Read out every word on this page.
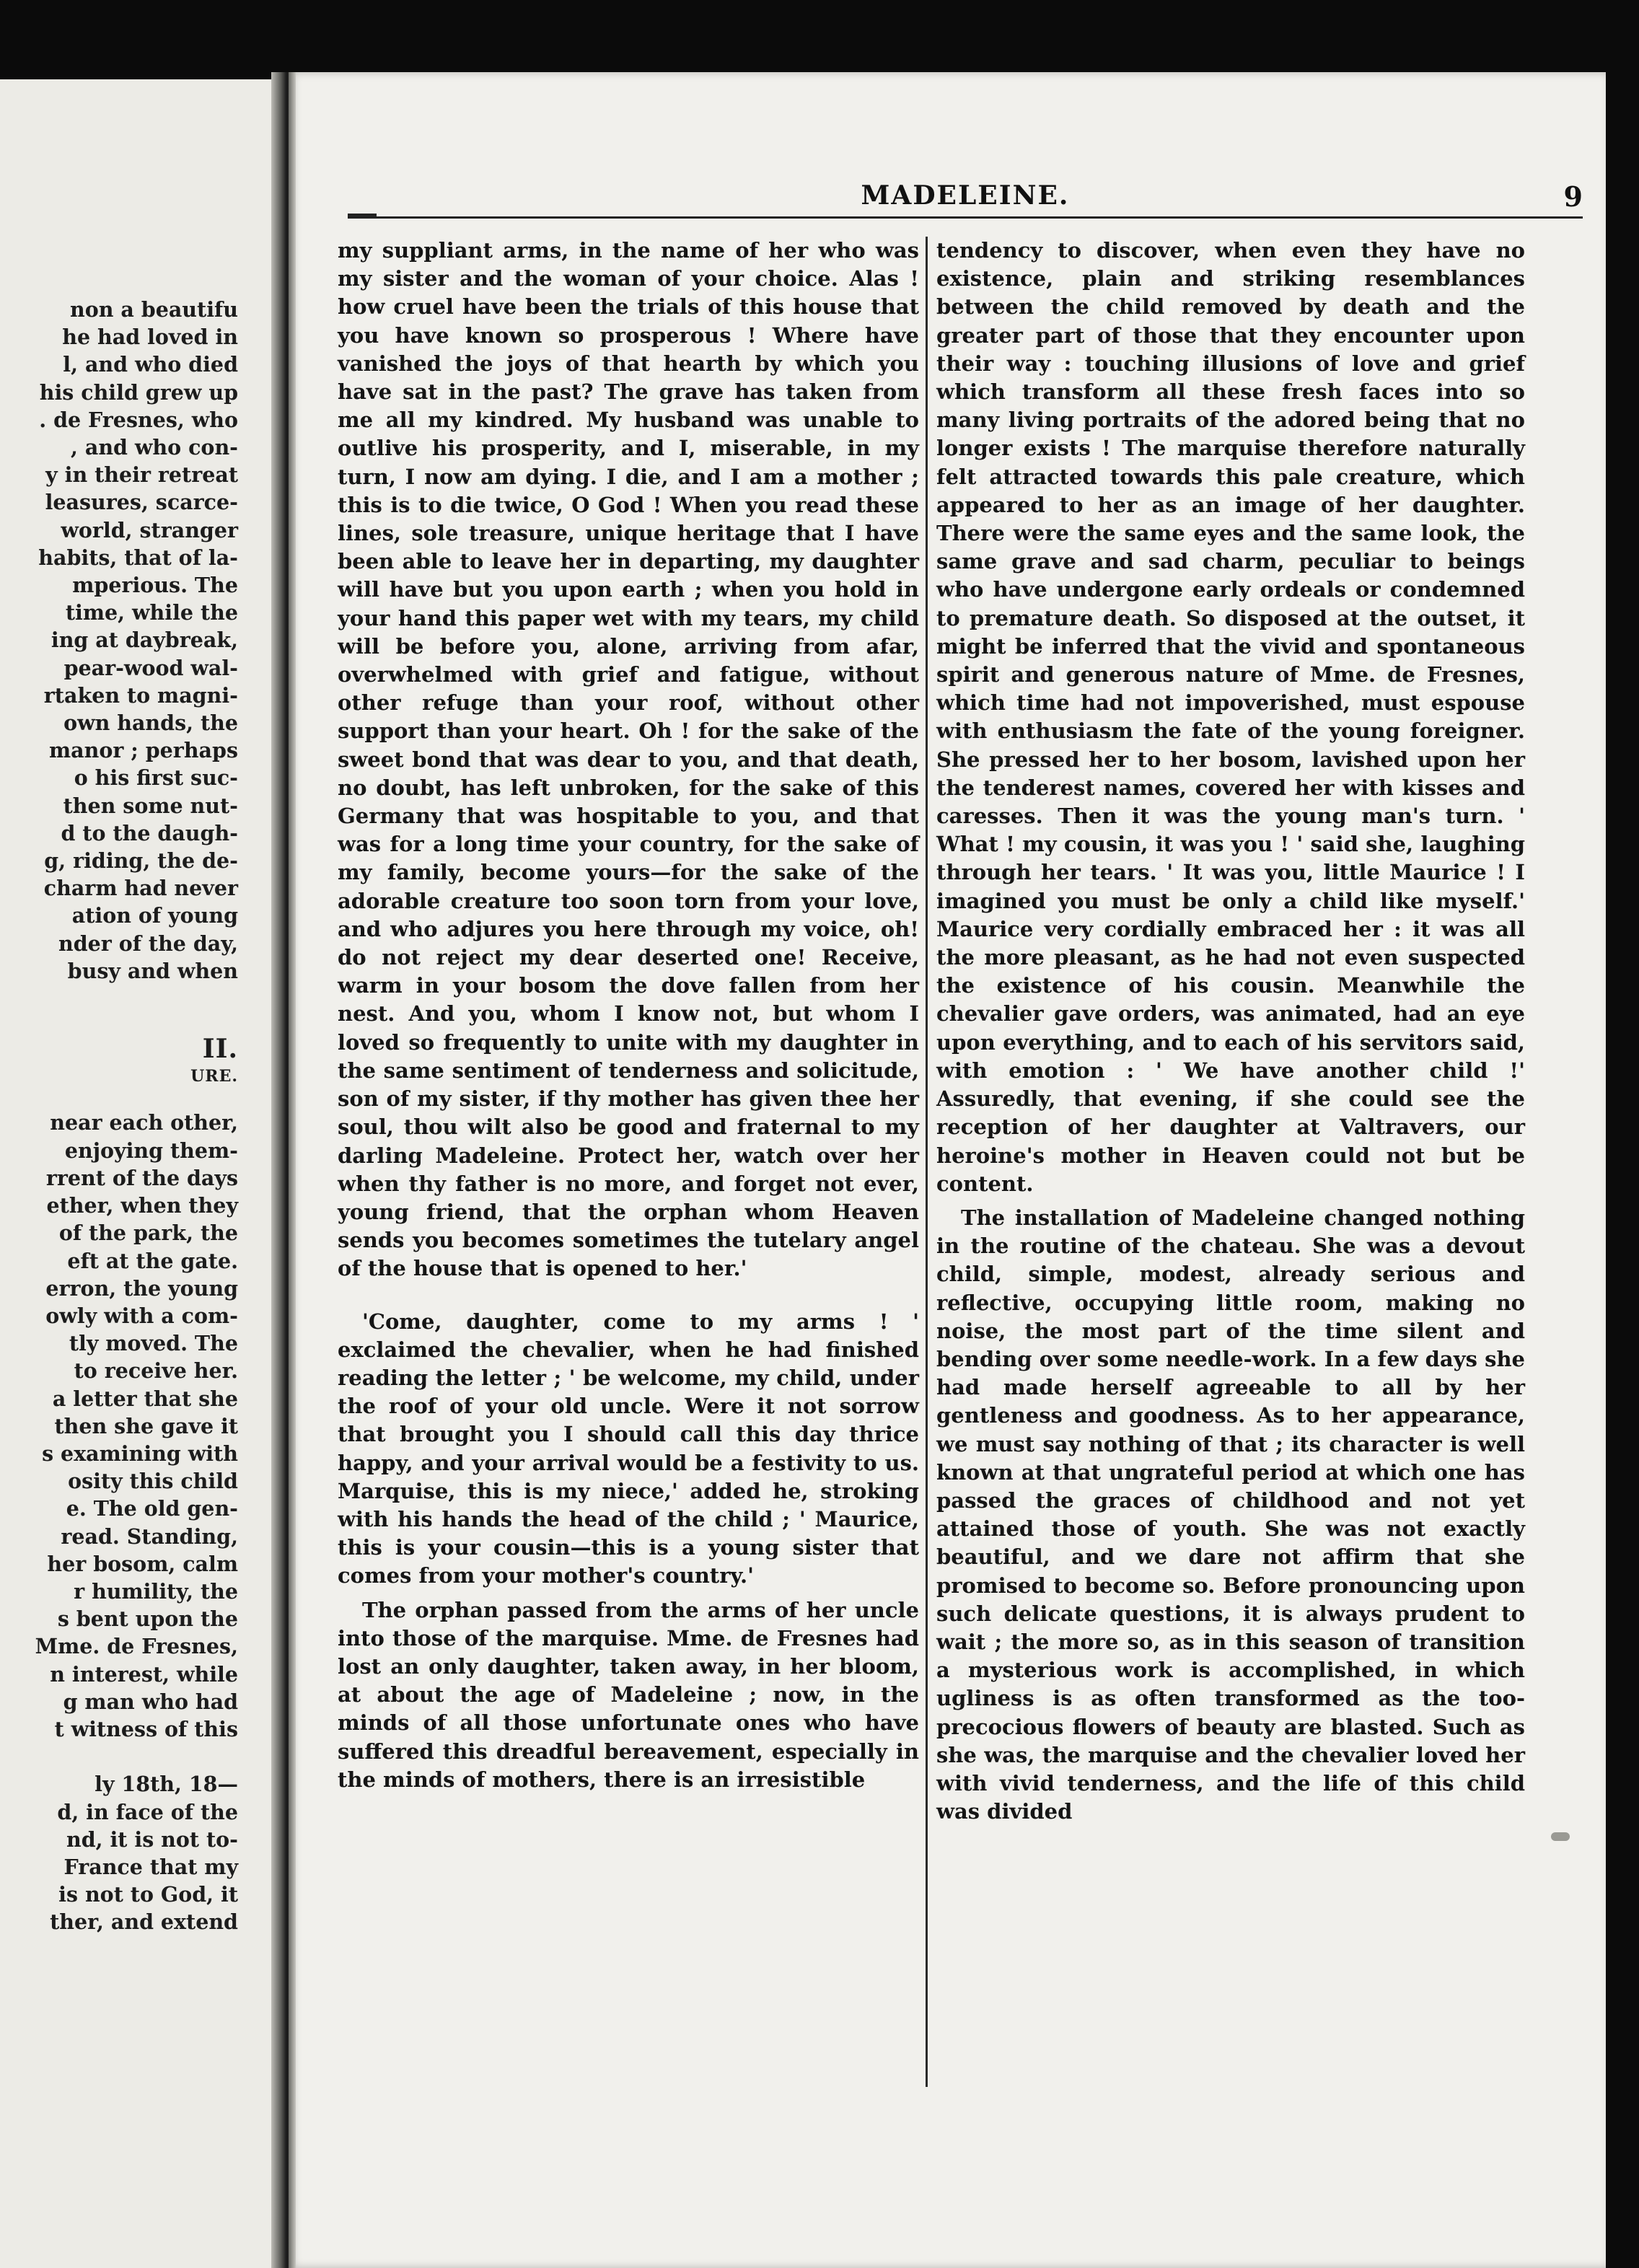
non a beautifu
he had loved in
l, and who died
his child grew up
. de Fresnes, who
, and who con-
y in their retreat
leasures, scarce-
world, stranger
habits, that of la-
mperious. The
time, while the
ing at daybreak,
pear-wood wal-
rtaken to magni-
own hands, the
manor ; perhaps
o his first suc-
then some nut-
d to the daugh-
g, riding, the de-
charm had never
ation of young
nder of the day,
busy and when
II.
URE.
near each other,
enjoying them-
rrent of the days
ether, when they
of the park, the
eft at the gate.
erron, the young
owly with a com-
tly moved. The
to receive her.
a letter that she
then she gave it
s examining with
osity this child
e. The old gen-
read. Standing,
her bosom, calm
r humility, the
s bent upon the
Mme. de Fresnes,
n interest, while
g man who had
t witness of this

ly 18th, 18—
d, in face of the
nd, it is not to-
France that my
is not to God, it
ther, and extend
MADELEINE.	9

my suppliant arms, in the name of her who was my sister and the woman of your choice. Alas ! how cruel have been the trials of this house that you have known so prosperous ! Where have vanished the joys of that hearth by which you have sat in the past? The grave has taken from me all my kindred. My husband was unable to outlive his prosperity, and I, miserable, in my turn, I now am dying. I die, and I am a mother ; this is to die twice, O God ! When you read these lines, sole treasure, unique heritage that I have been able to leave her in departing, my daughter will have but you upon earth ; when you hold in your hand this paper wet with my tears, my child will be before you, alone, arriving from afar, overwhelmed with grief and fatigue, without other refuge than your roof, without other support than your heart. Oh ! for the sake of the sweet bond that was dear to you, and that death, no doubt, has left unbroken, for the sake of this Germany that was hospitable to you, and that was for a long time your country, for the sake of my family, become yours—for the sake of the adorable creature too soon torn from your love, and who adjures you here through my voice, oh! do not reject my dear deserted one! Receive, warm in your bosom the dove fallen from her nest. And you, whom I know not, but whom I loved so frequently to unite with my daughter in the same sentiment of tenderness and solicitude, son of my sister, if thy mother has given thee her soul, thou wilt also be good and fraternal to my darling Madeleine. Protect her, watch over her when thy father is no more, and forget not ever, young friend, that the orphan whom Heaven sends you becomes sometimes the tutelary angel of the house that is opened to her.'

'Come, daughter, come to my arms ! ' exclaimed the chevalier, when he had finished reading the letter ; ' be welcome, my child, under the roof of your old uncle. Were it not sorrow that brought you I should call this day thrice happy, and your arrival would be a festivity to us. Marquise, this is my niece,' added he, stroking with his hands the head of the child ; ' Maurice, this is your cousin—this is a young sister that comes from your mother's country.'

The orphan passed from the arms of her uncle into those of the marquise. Mme. de Fresnes had lost an only daughter, taken away, in her bloom, at about the age of Madeleine ; now, in the minds of all those unfortunate ones who have suffered this dreadful bereavement, especially in the minds of mothers, there is an irresistible

tendency to discover, when even they have no existence, plain and striking resemblances between the child removed by death and the greater part of those that they encounter upon their way : touching illusions of love and grief which transform all these fresh faces into so many living portraits of the adored being that no longer exists ! The marquise therefore naturally felt attracted towards this pale creature, which appeared to her as an image of her daughter. There were the same eyes and the same look, the same grave and sad charm, peculiar to beings who have undergone early ordeals or condemned to premature death. So disposed at the outset, it might be inferred that the vivid and spontaneous spirit and generous nature of Mme. de Fresnes, which time had not impoverished, must espouse with enthusiasm the fate of the young foreigner. She pressed her to her bosom, lavished upon her the tenderest names, covered her with kisses and caresses. Then it was the young man's turn. ' What ! my cousin, it was you ! ' said she, laughing through her tears. ' It was you, little Maurice ! I imagined you must be only a child like myself.' Maurice very cordially embraced her : it was all the more pleasant, as he had not even suspected the existence of his cousin. Meanwhile the chevalier gave orders, was animated, had an eye upon everything, and to each of his servitors said, with emotion : ' We have another child !' Assuredly, that evening, if she could see the reception of her daughter at Valtravers, our heroine's mother in Heaven could not but be content.

The installation of Madeleine changed nothing in the routine of the chateau. She was a devout child, simple, modest, already serious and reflective, occupying little room, making no noise, the most part of the time silent and bending over some needle-work. In a few days she had made herself agreeable to all by her gentleness and goodness. As to her appearance, we must say nothing of that ; its character is well known at that ungrateful period at which one has passed the graces of childhood and not yet attained those of youth. She was not exactly beautiful, and we dare not affirm that she promised to become so. Before pronouncing upon such delicate questions, it is always prudent to wait ; the more so, as in this season of transition a mysterious work is accomplished, in which ugliness is as often transformed as the too-precocious flowers of beauty are blasted. Such as she was, the marquise and the chevalier loved her with vivid tenderness, and the life of this child was divided
